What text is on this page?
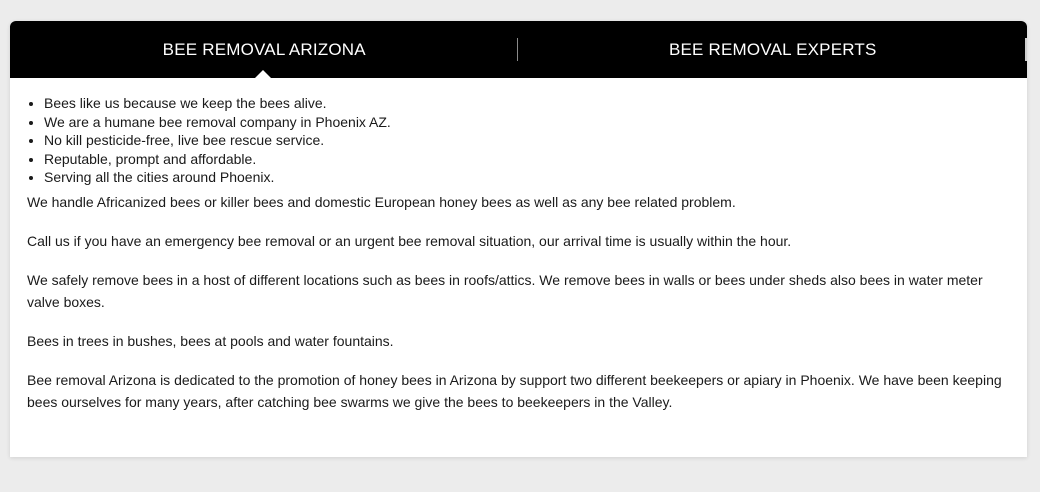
BEE REMOVAL ARIZONA	BEE REMOVAL EXPERTS
• Bees like us because we keep the bees alive.
• We are a humane bee removal company in Phoenix AZ.
• No kill pesticide-free, live bee rescue service.
• Reputable, prompt and affordable.
• Serving all the cities around Phoenix.

We handle Africanized bees or killer bees and domestic European honey bees as well as any bee related problem.

Call us if you have an emergency bee removal or an urgent bee removal situation, our arrival time is usually within the hour.

We safely remove bees in a host of different locations such as bees in roofs/attics. We remove bees in walls or bees under sheds also bees in water meter valve boxes.

Bees in trees in bushes, bees at pools and water fountains.

Bee removal Arizona is dedicated to the promotion of honey bees in Arizona by support two different beekeepers or apiary in Phoenix. We have been keeping bees ourselves for many years, after catching bee swarms we give the bees to beekeepers in the Valley.
